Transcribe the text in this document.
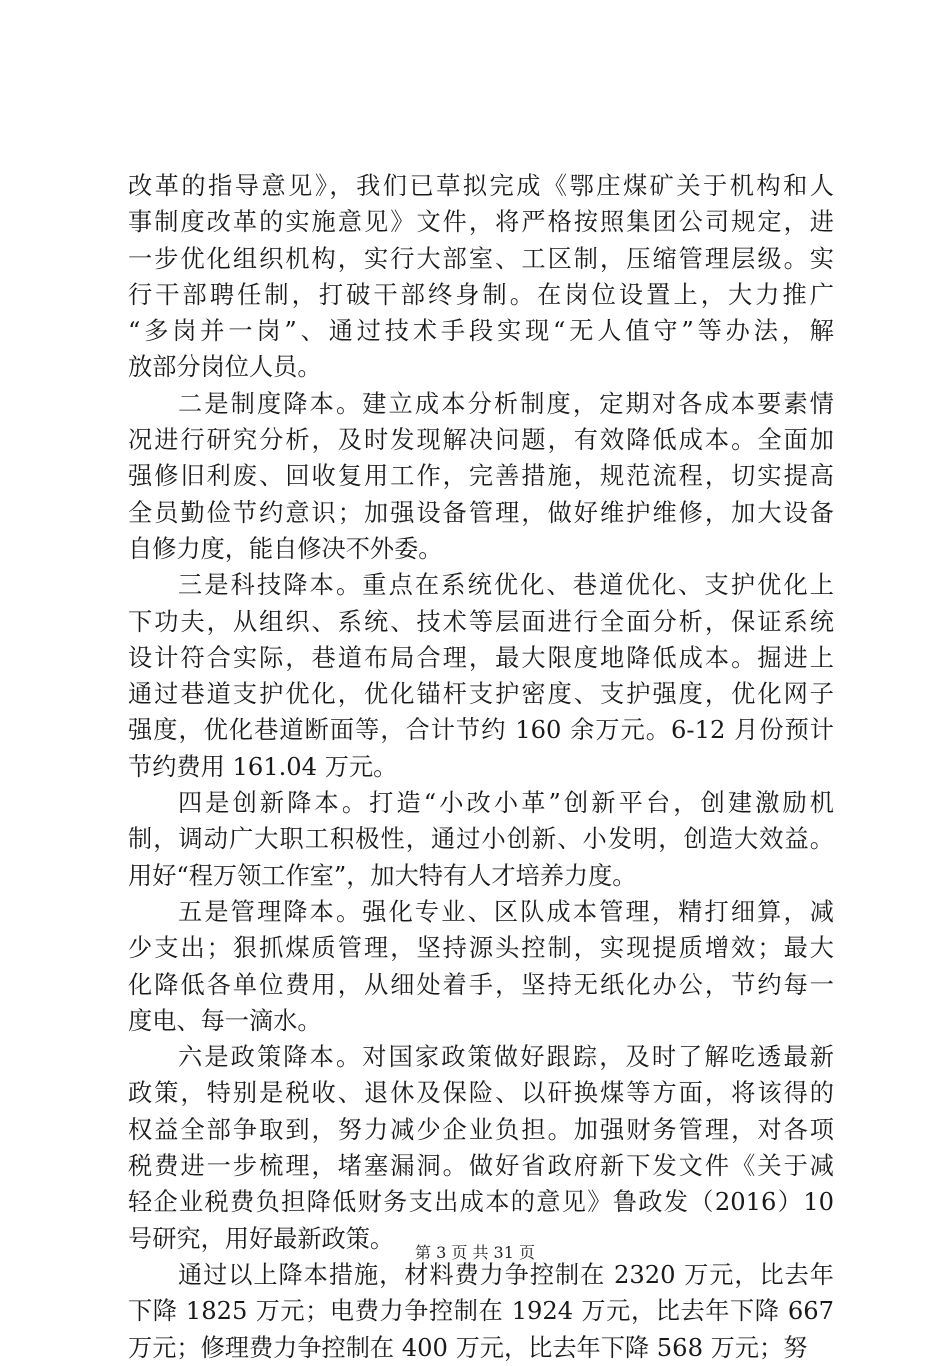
改革的指导意见》，我们已草拟完成《鄂庄煤矿关于机构和人
事制度改革的实施意见》文件，将严格按照集团公司规定，进
一步优化组织机构，实行大部室、工区制，压缩管理层级。实
行干部聘任制，打破干部终身制。在岗位设置上，大力推广
“多岗并一岗”、通过技术手段实现“无人值守”等办法，解
放部分岗位人员。
二是制度降本。建立成本分析制度，定期对各成本要素情
况进行研究分析，及时发现解决问题，有效降低成本。全面加
强修旧利废、回收复用工作，完善措施，规范流程，切实提高
全员勤俭节约意识；加强设备管理，做好维护维修，加大设备
自修力度，能自修决不外委。
三是科技降本。重点在系统优化、巷道优化、支护优化上
下功夫，从组织、系统、技术等层面进行全面分析，保证系统
设计符合实际，巷道布局合理，最大限度地降低成本。掘进上
通过巷道支护优化，优化锚杆支护密度、支护强度，优化网子
强度，优化巷道断面等，合计节约 160 余万元。6-12 月份预计
节约费用 161.04 万元。
四是创新降本。打造“小改小革”创新平台，创建激励机
制，调动广大职工积极性，通过小创新、小发明，创造大效益。
用好“程万领工作室”，加大特有人才培养力度。
五是管理降本。强化专业、区队成本管理，精打细算，减
少支出；狠抓煤质管理，坚持源头控制，实现提质增效；最大
化降低各单位费用，从细处着手，坚持无纸化办公，节约每一
度电、每一滴水。
六是政策降本。对国家政策做好跟踪，及时了解吃透最新
政策，特别是税收、退休及保险、以矸换煤等方面，将该得的
权益全部争取到，努力减少企业负担。加强财务管理，对各项
税费进一步梳理，堵塞漏洞。做好省政府新下发文件《关于减
轻企业税费负担降低财务支出成本的意见》鲁政发（2016）10
号研究，用好最新政策。
通过以上降本措施，材料费力争控制在 2320 万元，比去年
下降 1825 万元；电费力争控制在 1924 万元，比去年下降 667
万元；修理费力争控制在 400 万元，比去年下降 568 万元；努
第 3 页 共 31 页
